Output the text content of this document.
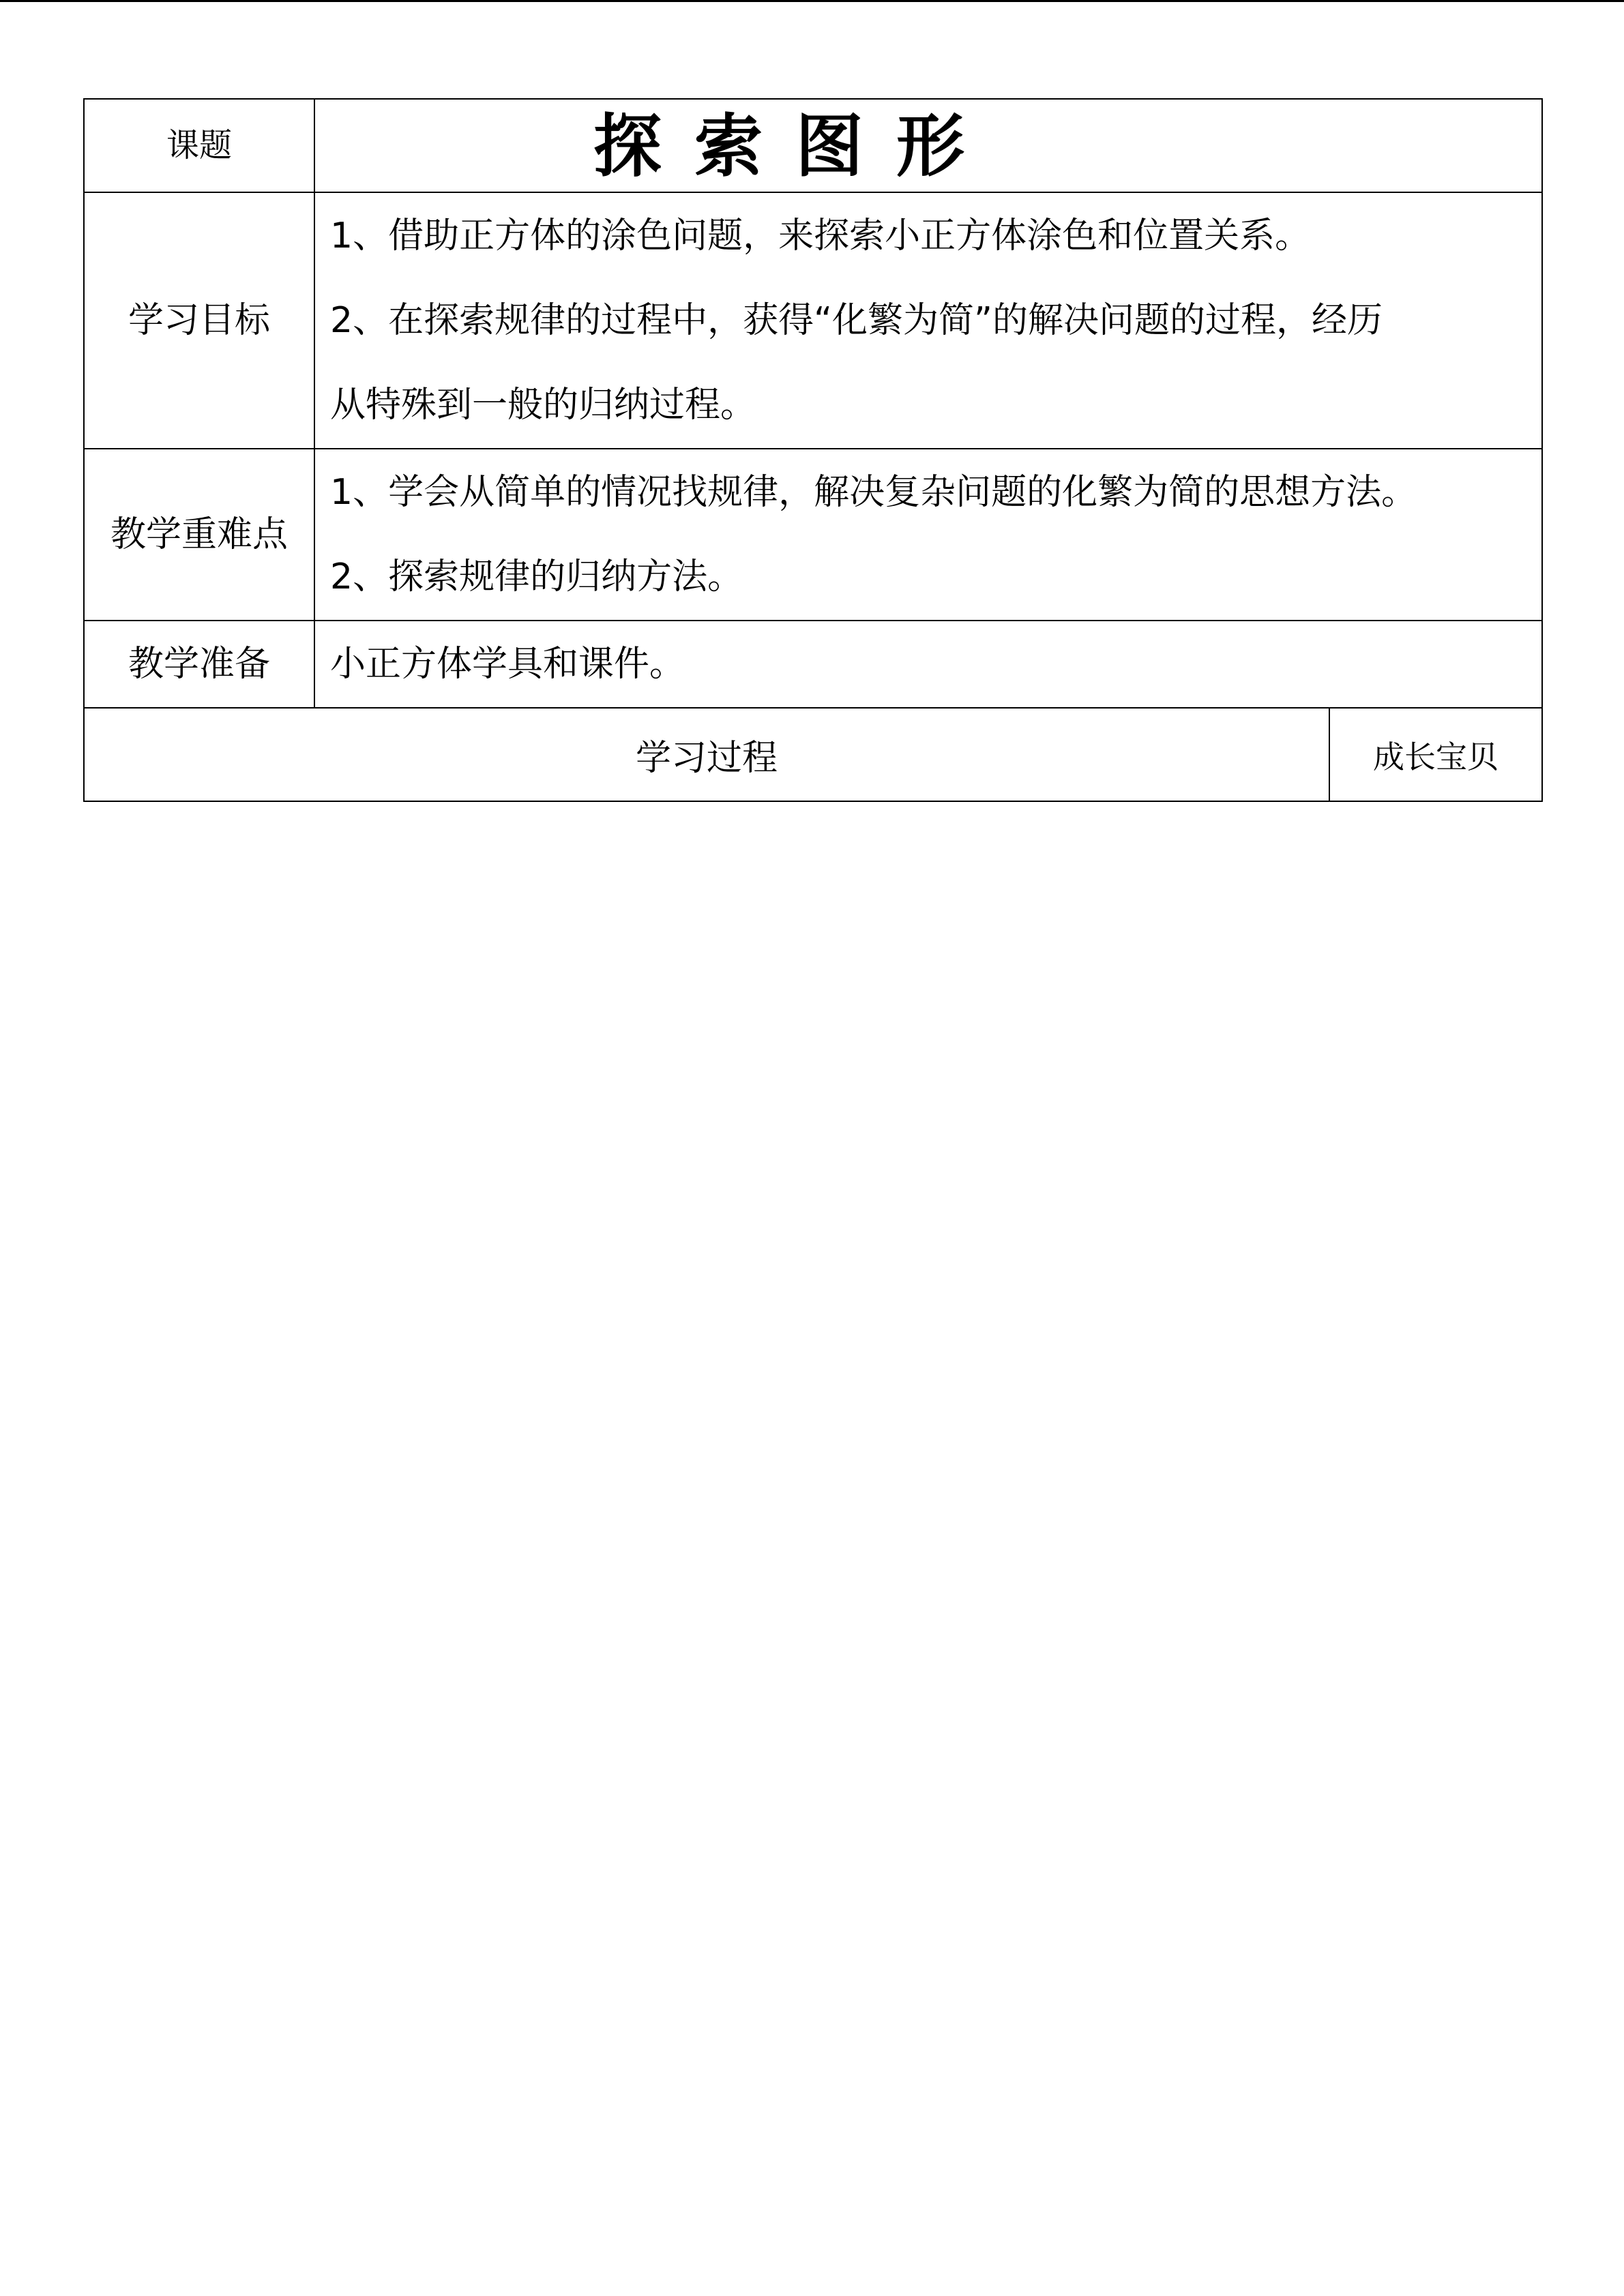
课题	探索图形	

学习目标	1、借助正方体的涂色问题，来探索小正方体涂色和位置关系。
2、在探索规律的过程中，获得“化繁为简”的解决问题的过程，经历
从特殊到一般的归纳过程。	

教学重难点	1、学会从简单的情况找规律，解决复杂问题的化繁为简的思想方法。
2、探索规律的归纳方法。	

教学准备	小正方体学具和课件。	

学习过程		成长宝贝
